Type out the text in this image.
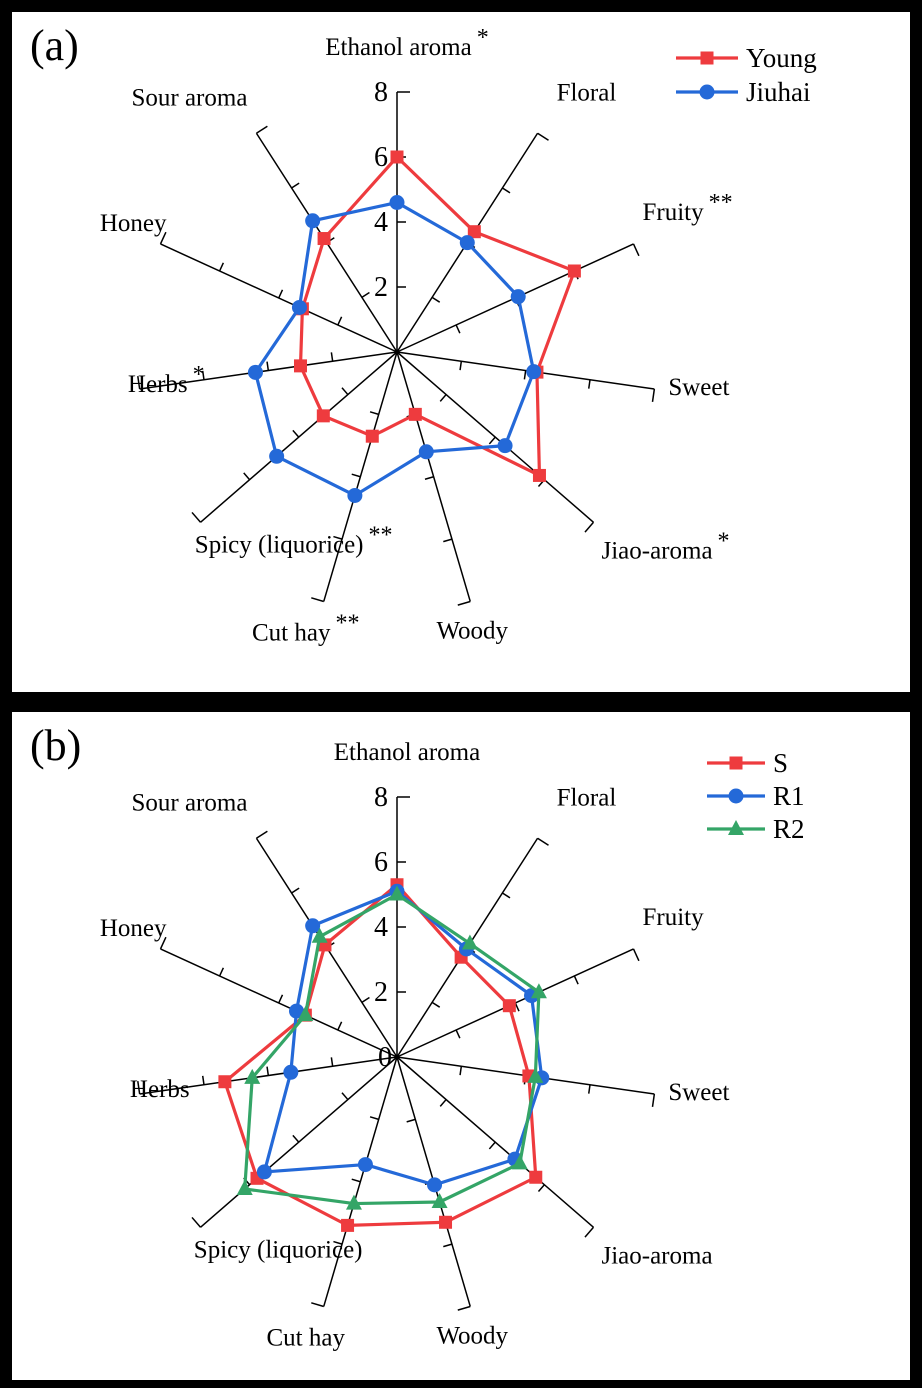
(a)
8
6
4
2
Ethanol aroma *
Floral
Fruity **
Sweet
Jiao-aroma *
Woody
Cut hay **
Spicy (liquorice) **
Herbs *
Honey
Sour aroma
Young
Jiuhai
(b)
8
6
4
2
0
Ethanol aroma
Floral
Fruity
Sweet
Jiao-aroma
Woody
Cut hay
Spicy (liquorice)
Herbs
Honey
Sour aroma
S
R1
R2
